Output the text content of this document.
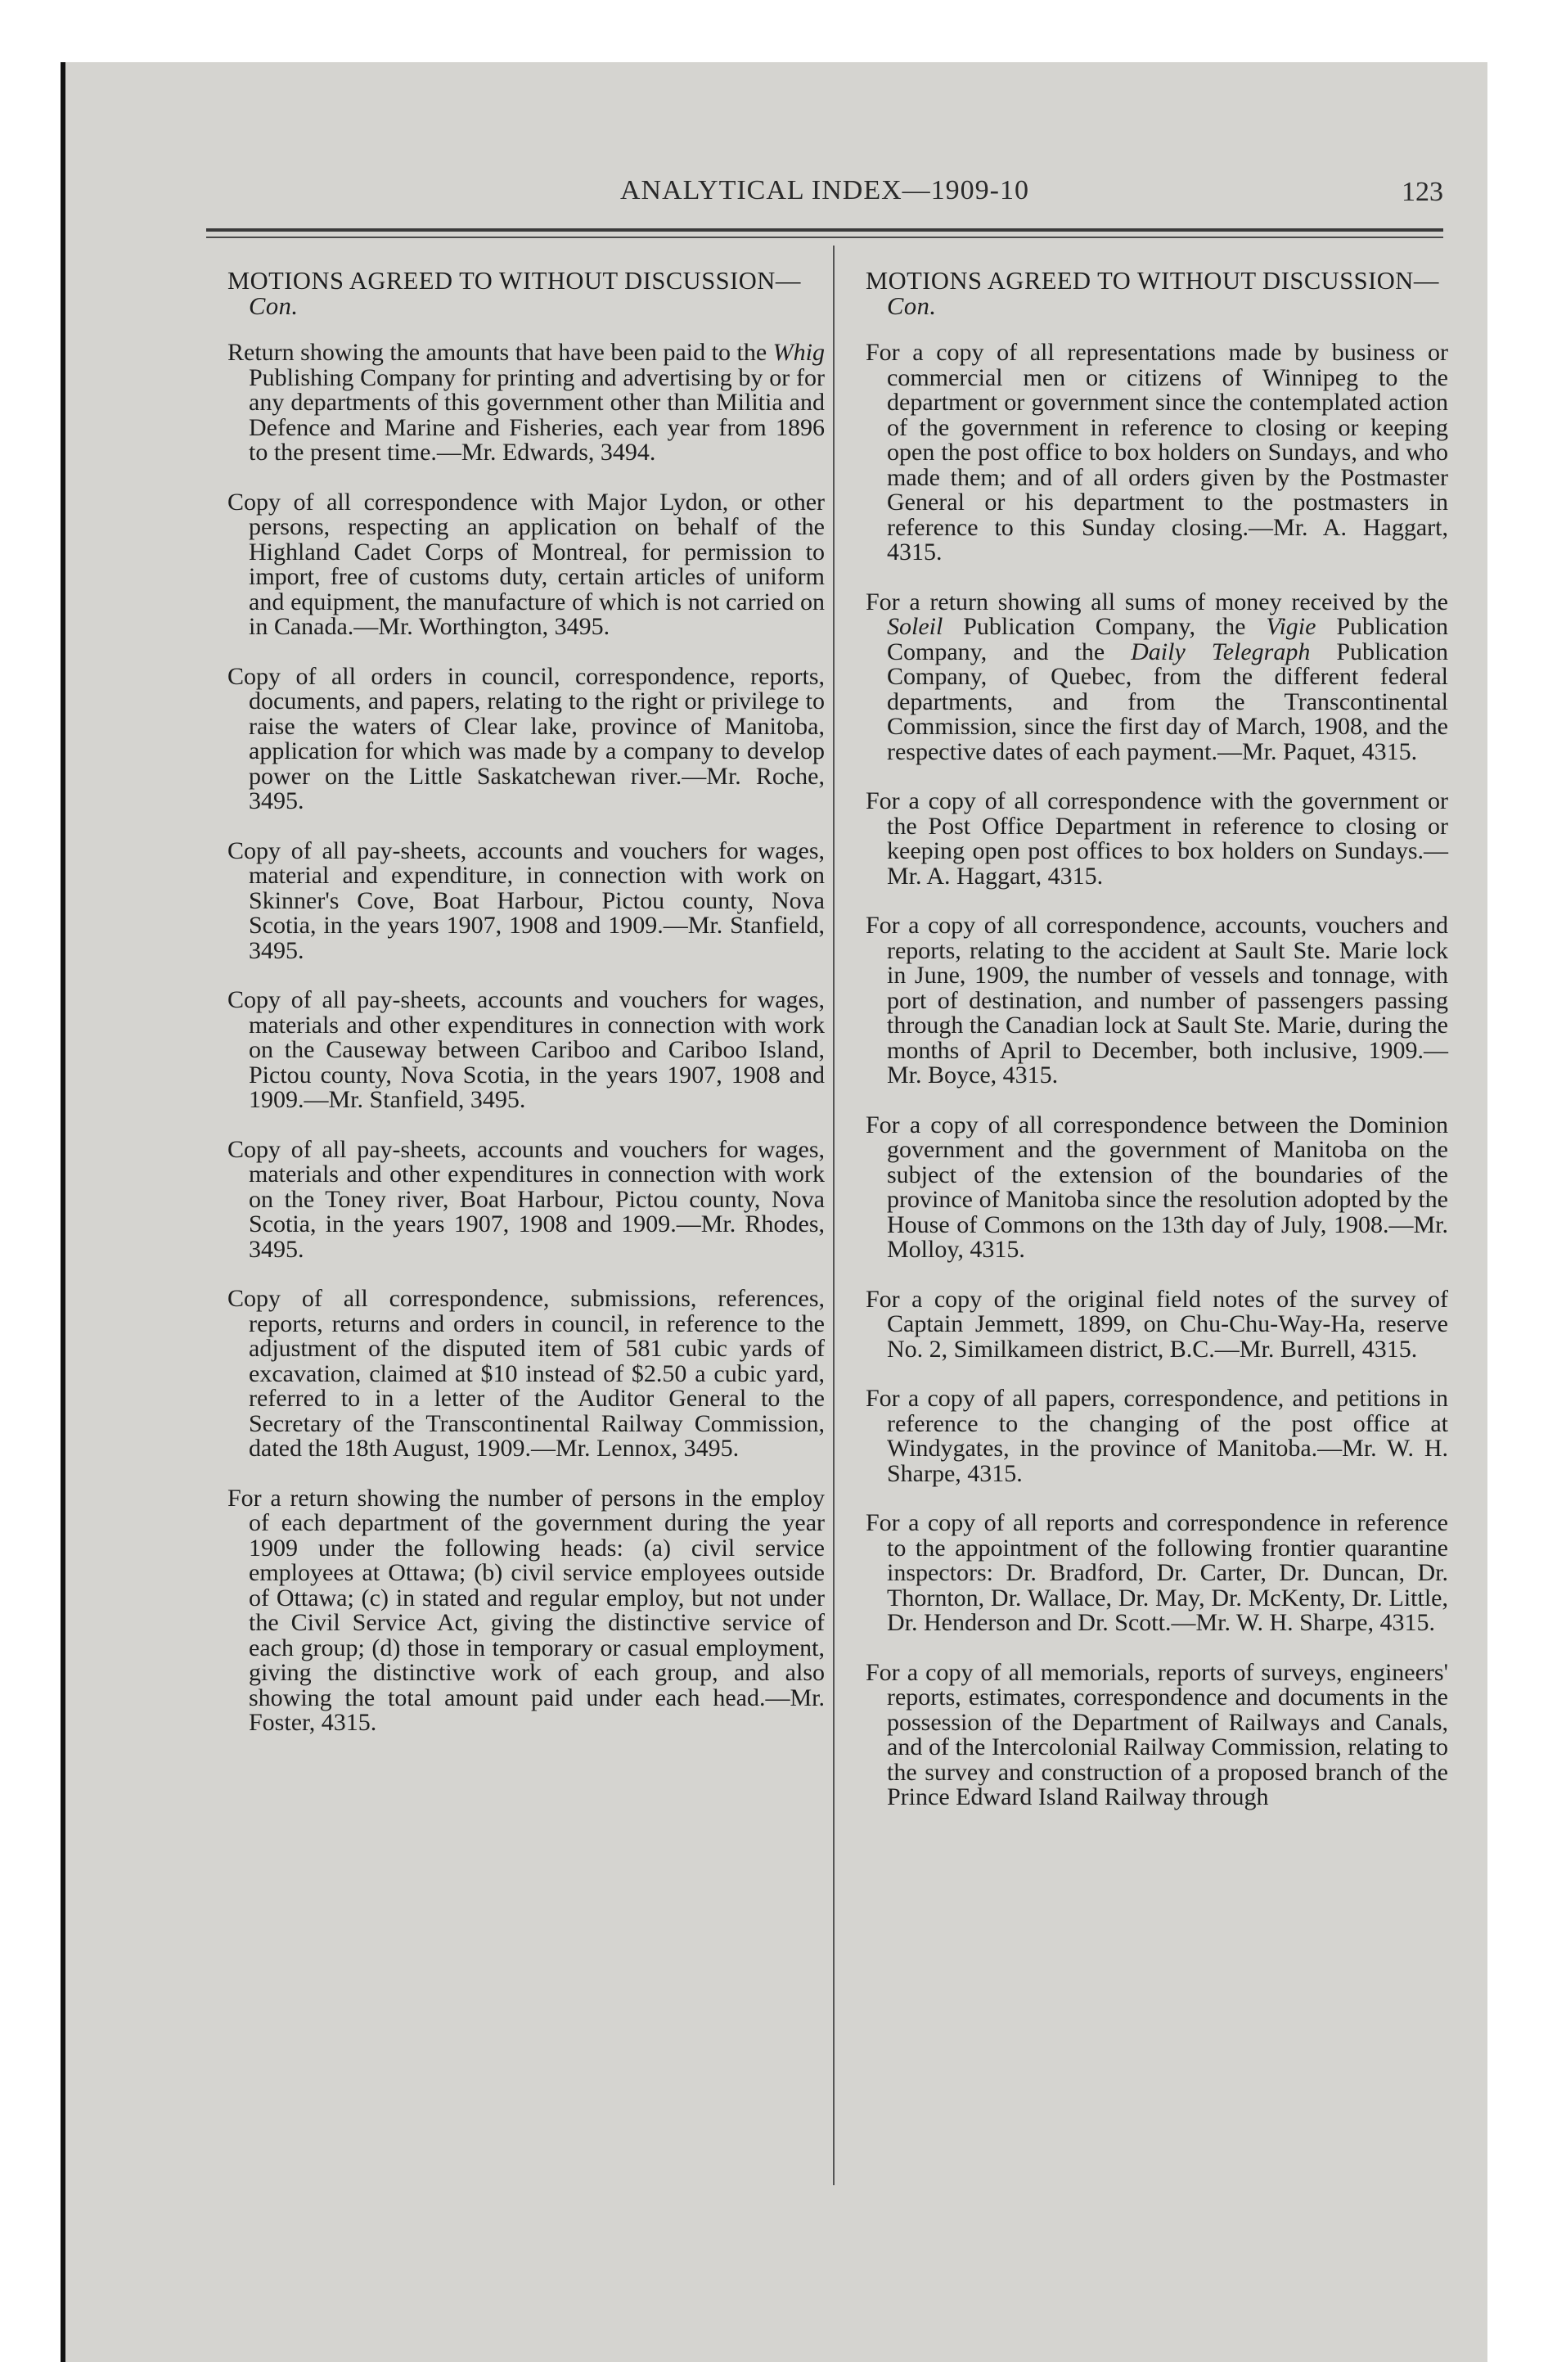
ANALYTICAL INDEX—1909-10	123
MOTIONS AGREED TO WITHOUT DISCUSSION—Con.

Return showing the amounts that have been paid to the Whig Publishing Company for printing and advertising by or for any departments of this government other than Militia and Defence and Marine and Fisheries, each year from 1896 to the present time.—Mr. Edwards, 3494.

Copy of all correspondence with Major Lydon, or other persons, respecting an application on behalf of the Highland Cadet Corps of Montreal, for permission to import, free of customs duty, certain articles of uniform and equipment, the manufacture of which is not carried on in Canada.—Mr. Worthington, 3495.

Copy of all orders in council, correspondence, reports, documents, and papers, relating to the right or privilege to raise the waters of Clear lake, province of Manitoba, application for which was made by a company to develop power on the Little Saskatchewan river.—Mr. Roche, 3495.

Copy of all pay-sheets, accounts and vouchers for wages, material and expenditure, in connection with work on Skinner's Cove, Boat Harbour, Pictou county, Nova Scotia, in the years 1907, 1908 and 1909.—Mr. Stanfield, 3495.

Copy of all pay-sheets, accounts and vouchers for wages, materials and other expenditures in connection with work on the Causeway between Cariboo and Cariboo Island, Pictou county, Nova Scotia, in the years 1907, 1908 and 1909.—Mr. Stanfield, 3495.

Copy of all pay-sheets, accounts and vouchers for wages, materials and other expenditures in connection with work on the Toney river, Boat Harbour, Pictou county, Nova Scotia, in the years 1907, 1908 and 1909.—Mr. Rhodes, 3495.

Copy of all correspondence, submissions, references, reports, returns and orders in council, in reference to the adjustment of the disputed item of 581 cubic yards of excavation, claimed at $10 instead of $2.50 a cubic yard, referred to in a letter of the Auditor General to the Secretary of the Transcontinental Railway Commission, dated the 18th August, 1909.—Mr. Lennox, 3495.

For a return showing the number of persons in the employ of each department of the government during the year 1909 under the following heads: (a) civil service employees at Ottawa; (b) civil service employees outside of Ottawa; (c) in stated and regular employ, but not under the Civil Service Act, giving the distinctive service of each group; (d) those in temporary or casual employment, giving the distinctive work of each group, and also showing the total amount paid under each head.—Mr. Foster, 4315.

MOTIONS AGREED TO WITHOUT DISCUSSION—Con.

For a copy of all representations made by business or commercial men or citizens of Winnipeg to the department or government since the contemplated action of the government in reference to closing or keeping open the post office to box holders on Sundays, and who made them; and of all orders given by the Postmaster General or his department to the postmasters in reference to this Sunday closing.—Mr. A. Haggart, 4315.

For a return showing all sums of money received by the Soleil Publication Company, the Vigie Publication Company, and the Daily Telegraph Publication Company, of Quebec, from the different federal departments, and from the Transcontinental Commission, since the first day of March, 1908, and the respective dates of each payment.—Mr. Paquet, 4315.

For a copy of all correspondence with the government or the Post Office Department in reference to closing or keeping open post offices to box holders on Sundays.—Mr. A. Haggart, 4315.

For a copy of all correspondence, accounts, vouchers and reports, relating to the accident at Sault Ste. Marie lock in June, 1909, the number of vessels and tonnage, with port of destination, and number of passengers passing through the Canadian lock at Sault Ste. Marie, during the months of April to December, both inclusive, 1909.—Mr. Boyce, 4315.

For a copy of all correspondence between the Dominion government and the government of Manitoba on the subject of the extension of the boundaries of the province of Manitoba since the resolution adopted by the House of Commons on the 13th day of July, 1908.—Mr. Molloy, 4315.

For a copy of the original field notes of the survey of Captain Jemmett, 1899, on Chu-Chu-Way-Ha, reserve No. 2, Similkameen district, B.C.—Mr. Burrell, 4315.

For a copy of all papers, correspondence, and petitions in reference to the changing of the post office at Windygates, in the province of Manitoba.—Mr. W. H. Sharpe, 4315.

For a copy of all reports and correspondence in reference to the appointment of the following frontier quarantine inspectors: Dr. Bradford, Dr. Carter, Dr. Duncan, Dr. Thornton, Dr. Wallace, Dr. May, Dr. McKenty, Dr. Little, Dr. Henderson and Dr. Scott.—Mr. W. H. Sharpe, 4315.

For a copy of all memorials, reports of surveys, engineers' reports, estimates, correspondence and documents in the possession of the Department of Railways and Canals, and of the Intercolonial Railway Commission, relating to the survey and construction of a proposed branch of the Prince Edward Island Railway through
